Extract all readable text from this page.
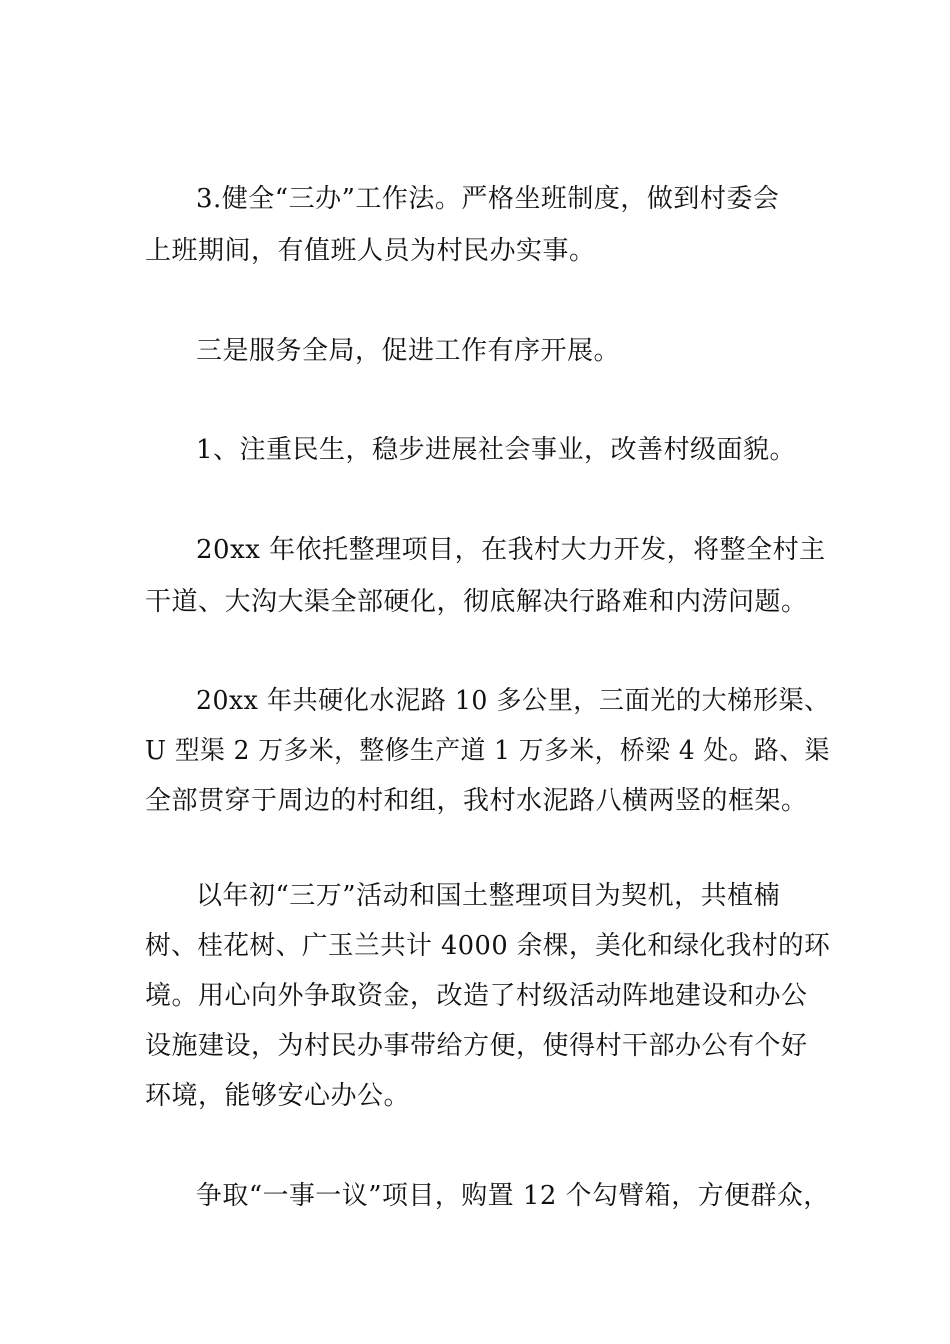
3.健全“三办”工作法。严格坐班制度，做到村委会
上班期间，有值班人员为村民办实事。
三是服务全局，促进工作有序开展。
1、注重民生，稳步进展社会事业，改善村级面貌。
20xx 年依托整理项目，在我村大力开发，将整全村主
干道、大沟大渠全部硬化，彻底解决行路难和内涝问题。
20xx 年共硬化水泥路 10 多公里，三面光的大梯形渠、
U 型渠 2 万多米，整修生产道 1 万多米，桥梁 4 处。路、渠
全部贯穿于周边的村和组，我村水泥路八横两竖的框架。
以年初“三万”活动和国土整理项目为契机，共植楠
树、桂花树、广玉兰共计 4000 余棵，美化和绿化我村的环
境。用心向外争取资金，改造了村级活动阵地建设和办公
设施建设，为村民办事带给方便，使得村干部办公有个好
环境，能够安心办公。
争取“一事一议”项目，购置 12 个勾臂箱，方便群众，
